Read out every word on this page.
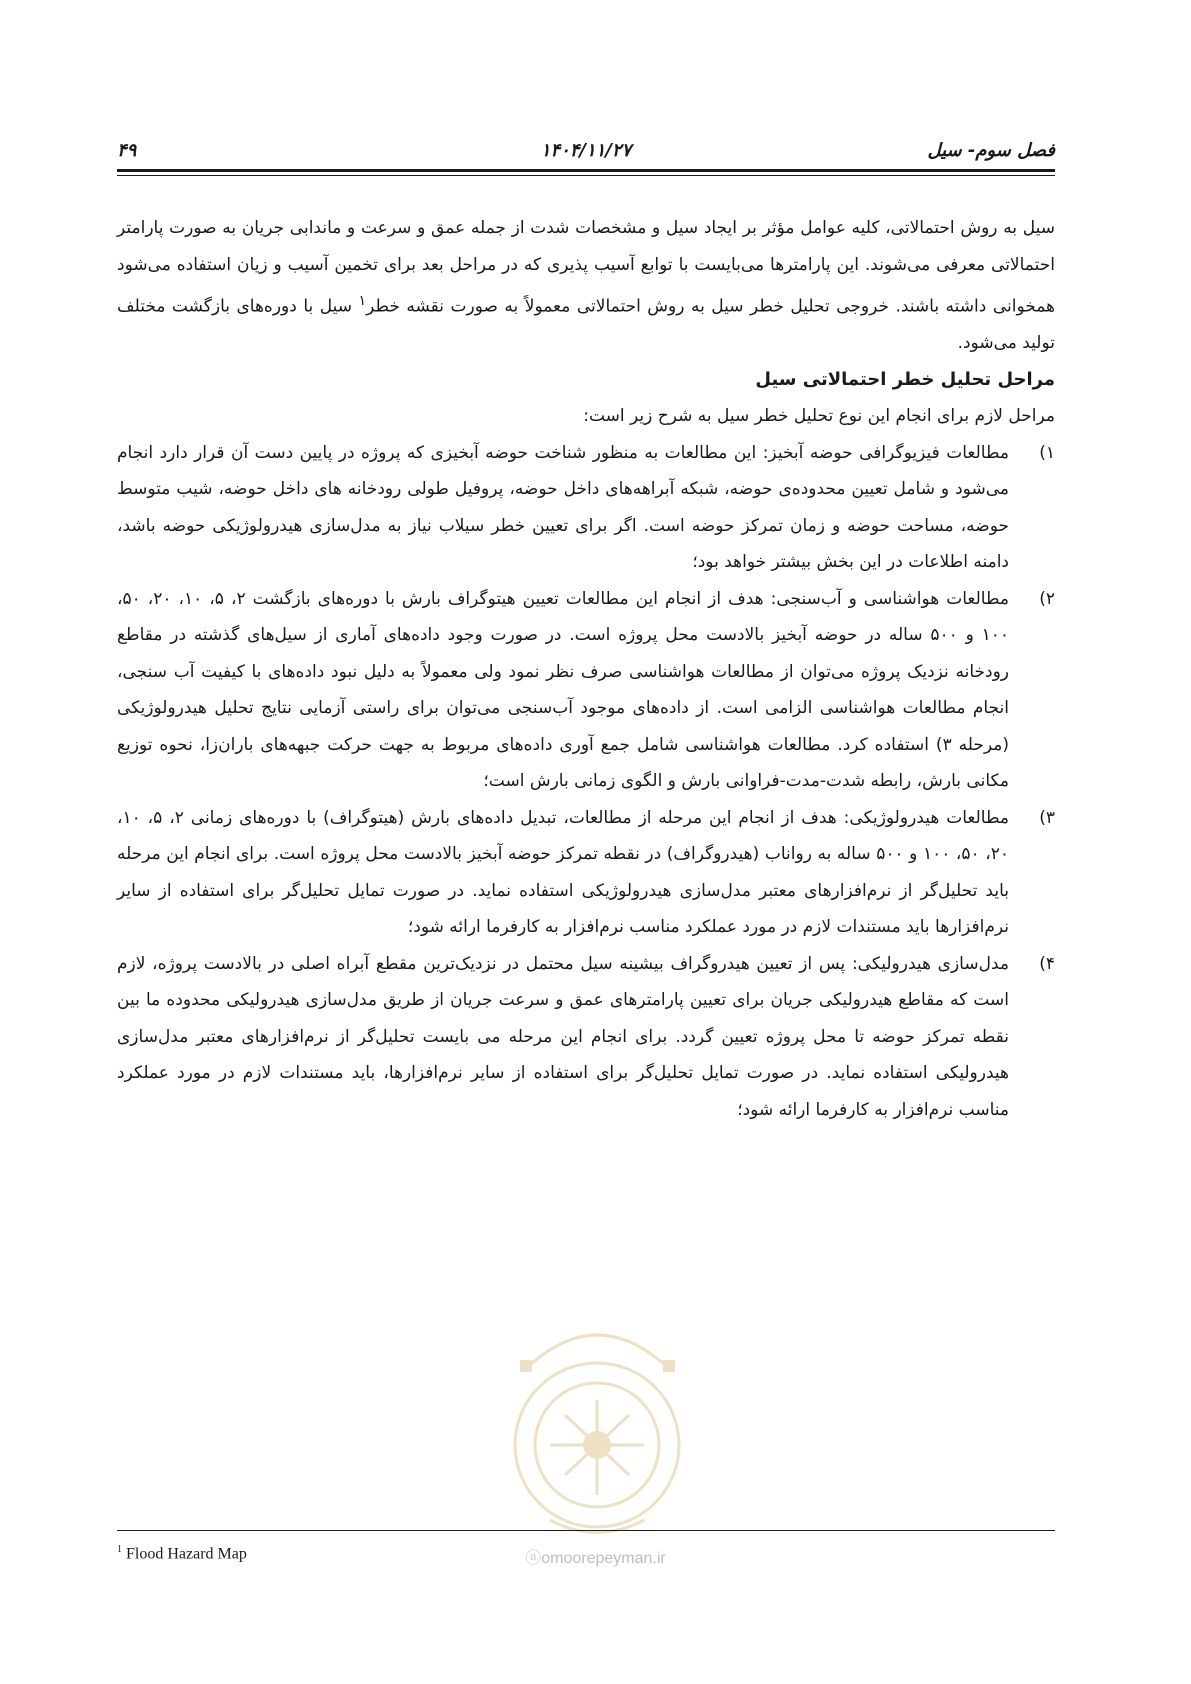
فصل سوم- سیل
۱۴۰۴/۱۱/۲۷
۴۹

سیل به روش احتمالاتی، کلیه عوامل مؤثر بر ایجاد سیل و مشخصات شدت از جمله عمق و سرعت و ماندابی جریان به صورت پارامتر احتمالاتی معرفی می‌شوند. این پارامترها می‌بایست با توابع آسیب پذیری که در مراحل بعد برای تخمین آسیب و زیان استفاده می‌شود همخوانی داشته باشند. خروجی تحلیل خطر سیل به روش احتمالاتی معمولاً به صورت نقشه خطر$^۱$ سیل با دوره‌های بازگشت مختلف تولید می‌شود.

مراحل تحلیل خطر احتمالاتی سیل

مراحل لازم برای انجام این نوع تحلیل خطر سیل به شرح زیر است:

۱)
مطالعات فیزیوگرافی حوضه آبخیز: این مطالعات به منظور شناخت حوضه آبخیزی که پروژه در پایین دست آن قرار دارد انجام می‌شود و شامل تعیین محدوده‌ی حوضه، شبکه آبراهه‌های داخل حوضه، پروفیل طولی رودخانه های داخل حوضه، شیب متوسط حوضه، مساحت حوضه و زمان تمرکز حوضه است. اگر برای تعیین خطر سیلاب نیاز به مدل‌سازی هیدرولوژیکی حوضه باشد، دامنه اطلاعات در این بخش بیشتر خواهد بود؛
۲)
مطالعات هواشناسی و آب‌سنجی: هدف از انجام این مطالعات تعیین هیتوگراف بارش با دوره‌های بازگشت ۲، ۵، ۱۰، ۲۰، ۵۰، ۱۰۰ و ۵۰۰ ساله در حوضه آبخیز بالادست محل پروژه است. در صورت وجود داده‌های آماری از سیل‌های گذشته در مقاطع رودخانه نزدیک پروژه می‌توان از مطالعات هواشناسی صرف نظر نمود ولی معمولاً به دلیل نبود داده‌های با کیفیت آب سنجی، انجام مطالعات هواشناسی الزامی است. از داده‌های موجود آب‌سنجی می‌توان برای راستی آزمایی نتایج تحلیل هیدرولوژیکی (مرحله ۳) استفاده کرد. مطالعات هواشناسی شامل جمع آوری داده‌های مربوط به جهت حرکت جبهه‌های باران‌زا، نحوه توزیع مکانی بارش، رابطه شدت-مدت-فراوانی بارش و الگوی زمانی بارش است؛
۳)
مطالعات هیدرولوژیکی: هدف از انجام این مرحله از مطالعات، تبدیل داده‌های بارش (هیتوگراف) با دوره‌های زمانی ۲، ۵، ۱۰، ۲۰، ۵۰، ۱۰۰ و ۵۰۰ ساله به رواناب (هیدروگراف) در نقطه تمرکز حوضه آبخیز بالادست محل پروژه است. برای انجام این مرحله باید تحلیل‌گر از نرم‌افزارهای معتبر مدل‌سازی هیدرولوژیکی استفاده نماید. در صورت تمایل تحلیل‌گر برای استفاده از سایر نرم‌افزارها باید مستندات لازم در مورد عملکرد مناسب نرم‌افزار به کارفرما ارائه شود؛
۴)
مدل‌سازی هیدرولیکی: پس از تعیین هیدروگراف بیشینه سیل محتمل در نزدیک‌ترین مقطع آبراه اصلی در بالادست پروژه، لازم است که مقاطع هیدرولیکی جریان برای تعیین پارامترهای عمق و سرعت جریان از طریق مدل‌سازی هیدرولیکی محدوده ما بین نقطه تمرکز حوضه تا محل پروژه تعیین گردد. برای انجام این مرحله می بایست تحلیل‌گر از نرم‌افزارهای معتبر مدل‌سازی هیدرولیکی استفاده نماید. در صورت تمایل تحلیل‌گر برای استفاده از سایر نرم‌افزارها، باید مستندات لازم در مورد عملکرد مناسب نرم‌افزار به کارفرما ارائه شود؛
$^1$ Flood Hazard Map	ⓐomoorepeyman.ir
